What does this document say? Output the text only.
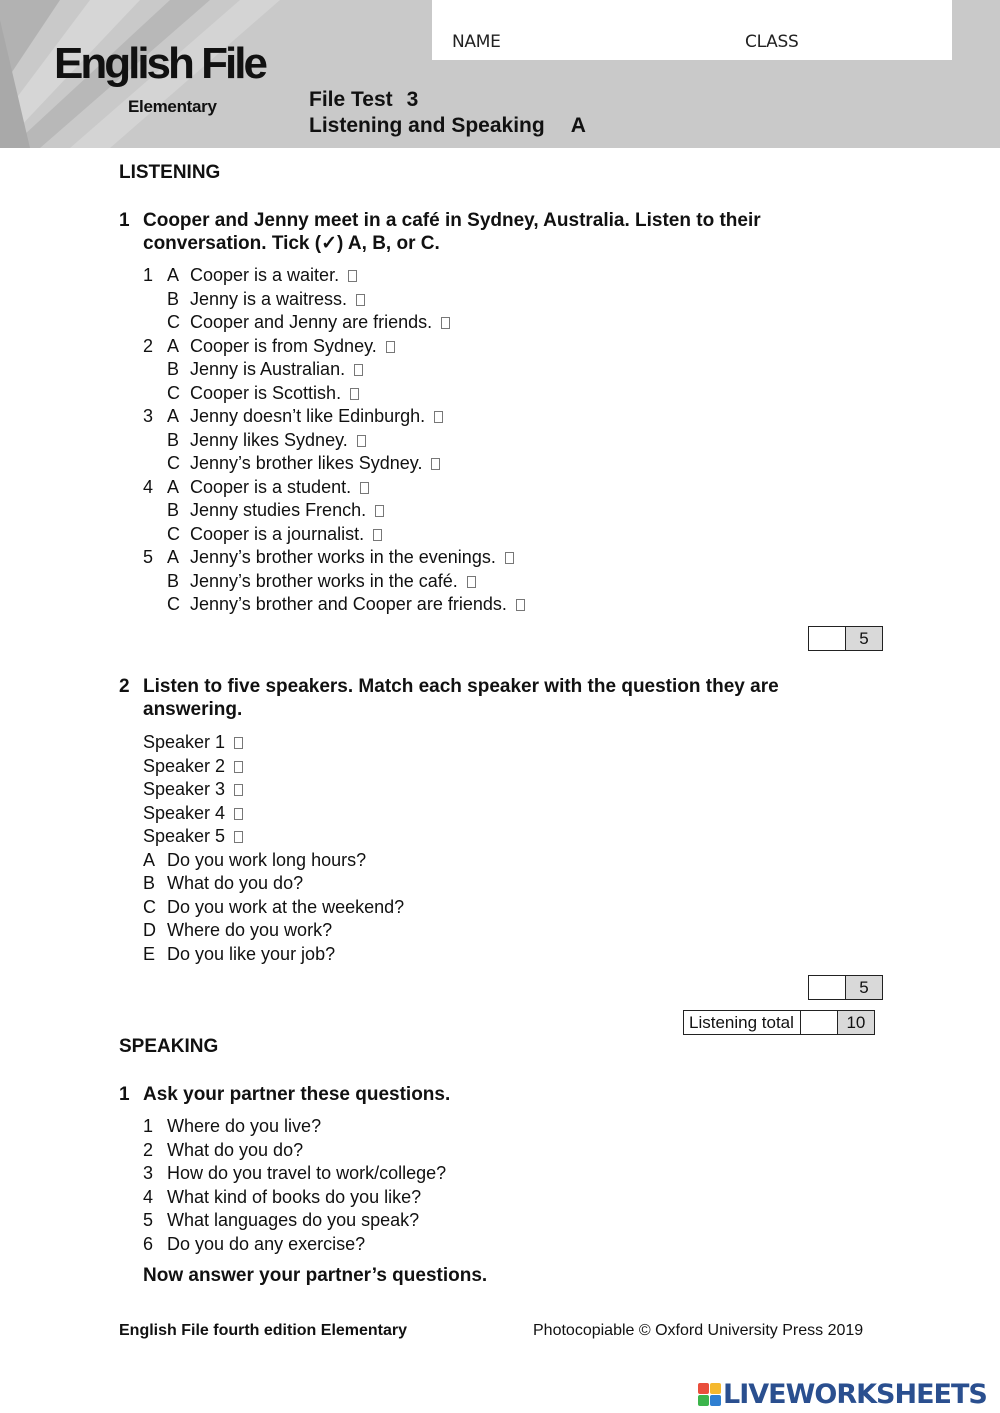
NAME	CLASS
English File
Elementary	File Test 3
Listening and Speaking A
LISTENING
1 Cooper and Jenny meet in a café in Sydney, Australia. Listen to their conversation. Tick (✓) A, B, or C.
1 A Cooper is a waiter.
B Jenny is a waitress.
C Cooper and Jenny are friends.
2 A Cooper is from Sydney.
B Jenny is Australian.
C Cooper is Scottish.
3 A Jenny doesn’t like Edinburgh.
B Jenny likes Sydney.
C Jenny’s brother likes Sydney.
4 A Cooper is a student.
B Jenny studies French.
C Cooper is a journalist.
5 A Jenny’s brother works in the evenings.
B Jenny’s brother works in the café.
C Jenny’s brother and Cooper are friends.
5
2 Listen to five speakers. Match each speaker with the question they are answering.
Speaker 1
Speaker 2
Speaker 3
Speaker 4
Speaker 5
A Do you work long hours?
B What do you do?
C Do you work at the weekend?
D Where do you work?
E Do you like your job?
5
Listening total	10
SPEAKING
1 Ask your partner these questions.
1 Where do you live?
2 What do you do?
3 How do you travel to work/college?
4 What kind of books do you like?
5 What languages do you speak?
6 Do you do any exercise?
Now answer your partner’s questions.
English File fourth edition Elementary	Photocopiable © Oxford University Press 2019
LIVEWORKSHEETS
